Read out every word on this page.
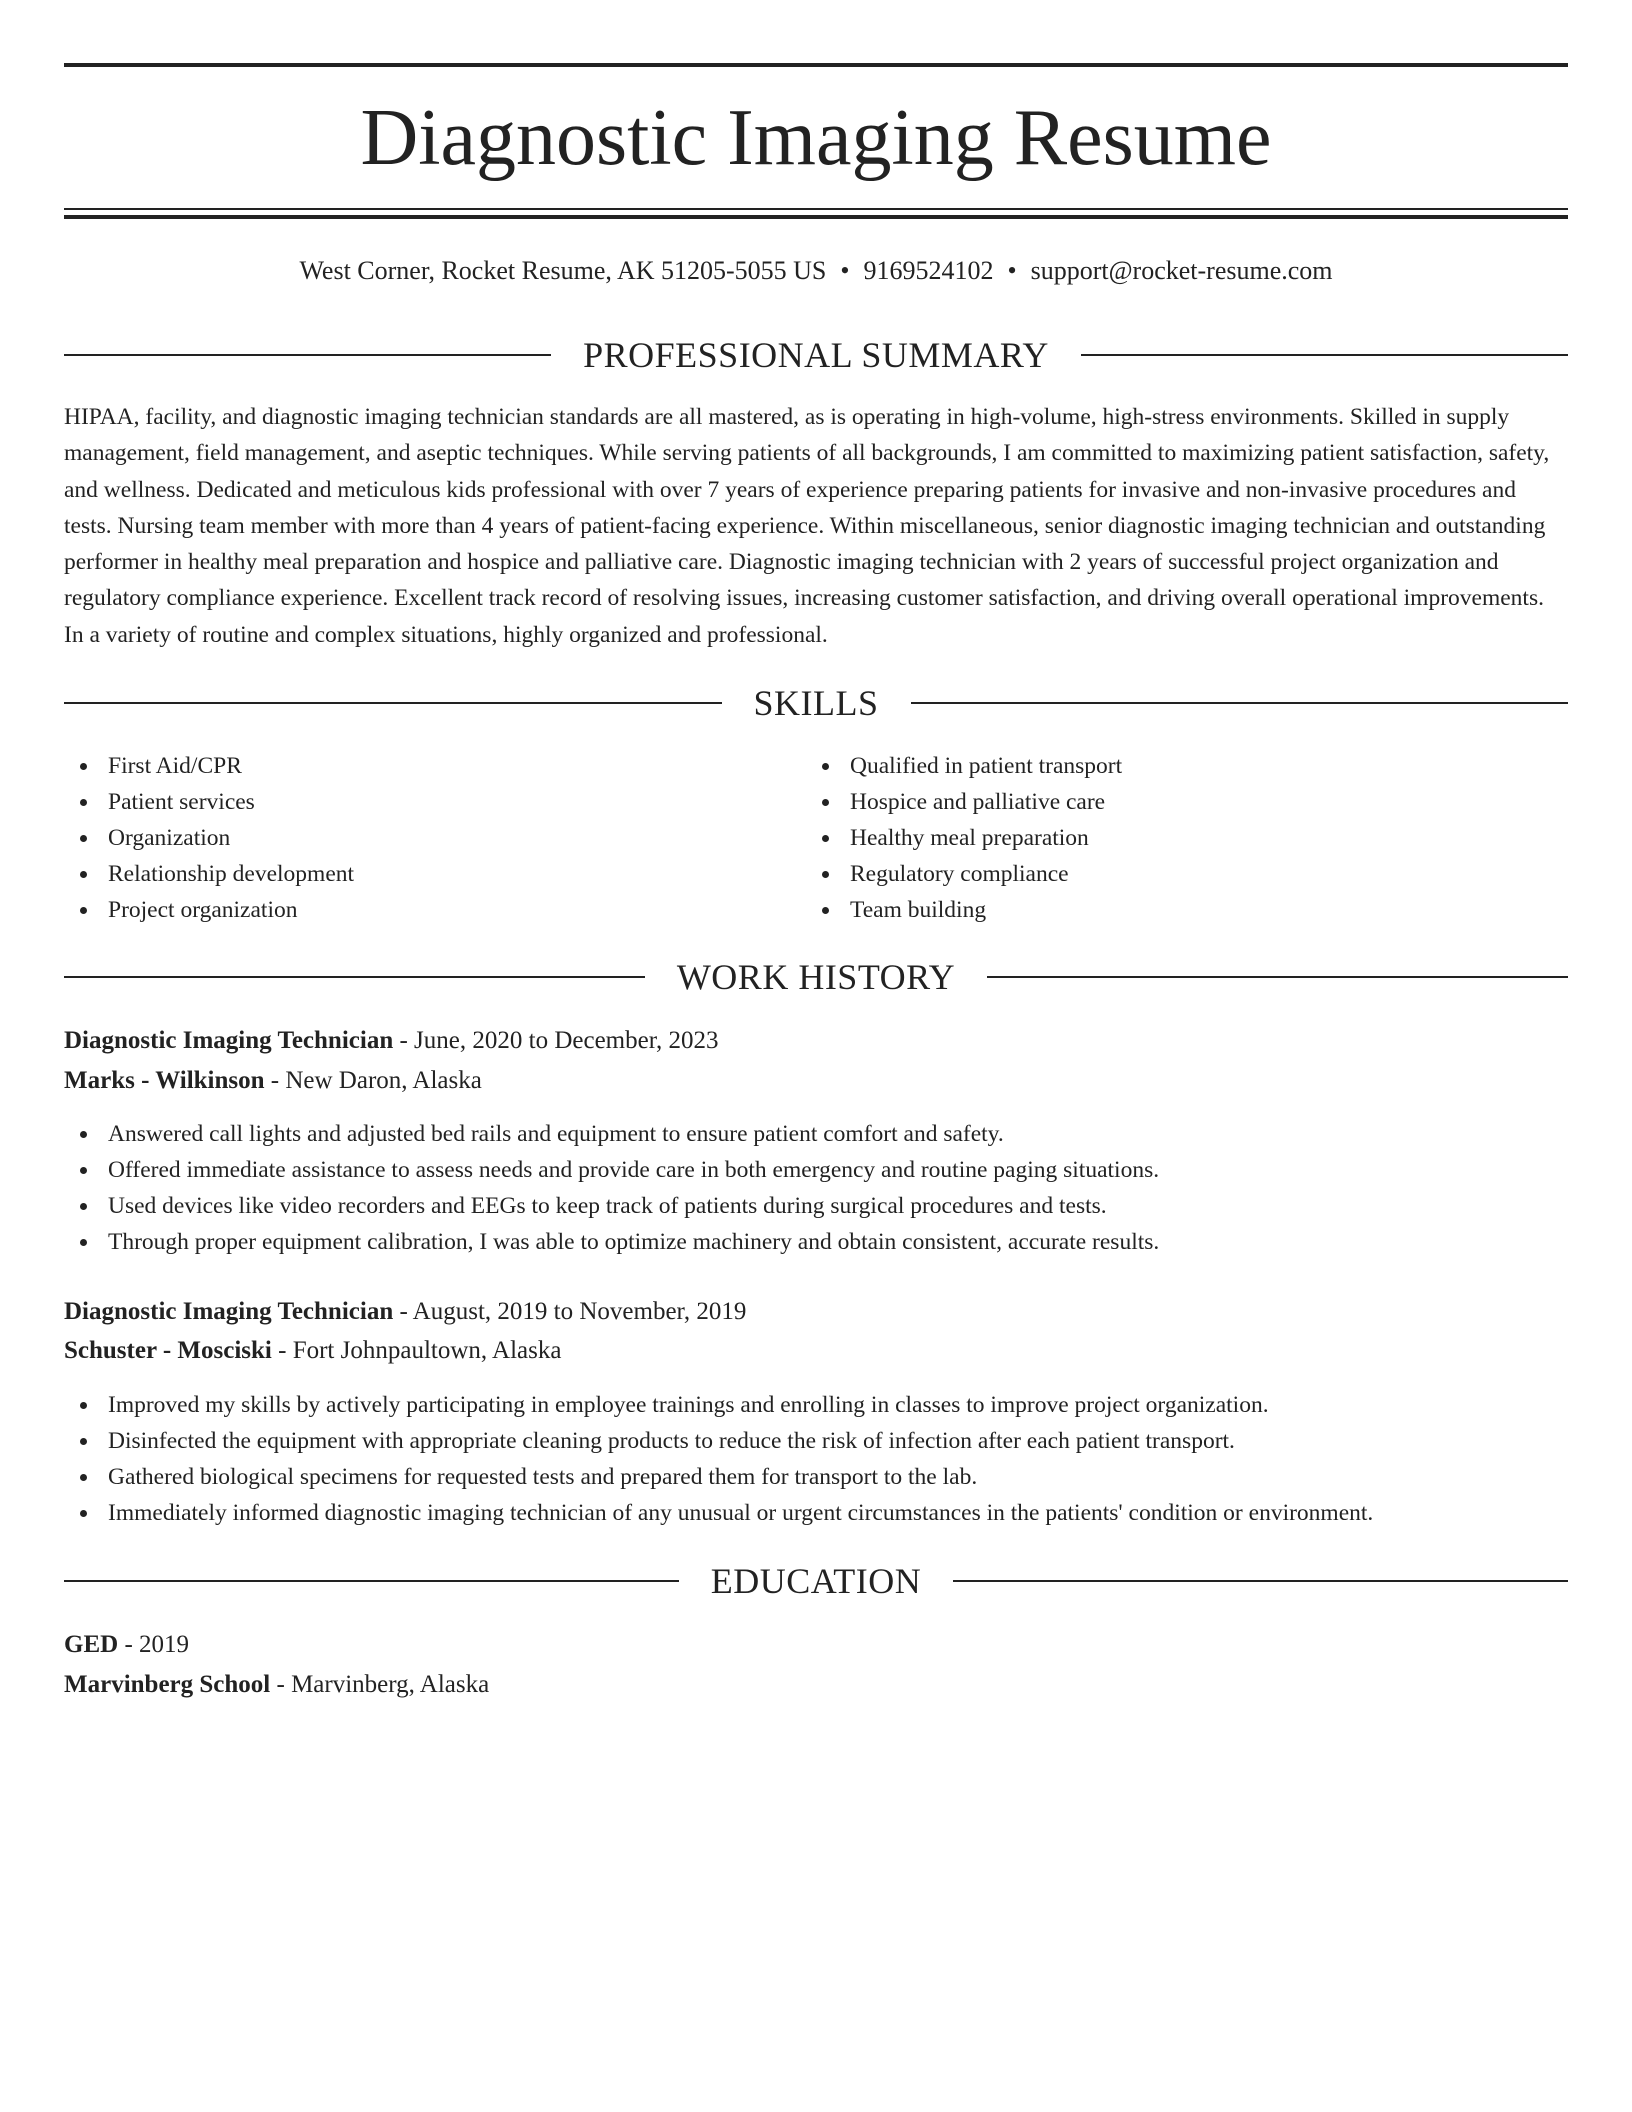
Diagnostic Imaging Resume
West Corner, Rocket Resume, AK 51205-5055 US • 9169524102 • support@rocket-resume.com
PROFESSIONAL SUMMARY

HIPAA, facility, and diagnostic imaging technician standards are all mastered, as is operating in high-volume, high-stress environments. Skilled in supply management, field management, and aseptic techniques. While serving patients of all backgrounds, I am committed to maximizing patient satisfaction, safety, and wellness. Dedicated and meticulous kids professional with over 7 years of experience preparing patients for invasive and non-invasive procedures and tests. Nursing team member with more than 4 years of patient-facing experience. Within miscellaneous, senior diagnostic imaging technician and outstanding performer in healthy meal preparation and hospice and palliative care. Diagnostic imaging technician with 2 years of successful project organization and regulatory compliance experience. Excellent track record of resolving issues, increasing customer satisfaction, and driving overall operational improvements. In a variety of routine and complex situations, highly organized and professional.

SKILLS
First Aid/CPR
Patient services
Organization
Relationship development
Project organization
Qualified in patient transport
Hospice and palliative care
Healthy meal preparation
Regulatory compliance
Team building
WORK HISTORY
Diagnostic Imaging Technician - June, 2020 to December, 2023
Marks - Wilkinson - New Daron, Alaska
Answered call lights and adjusted bed rails and equipment to ensure patient comfort and safety.
Offered immediate assistance to assess needs and provide care in both emergency and routine paging situations.
Used devices like video recorders and EEGs to keep track of patients during surgical procedures and tests.
Through proper equipment calibration, I was able to optimize machinery and obtain consistent, accurate results.
Diagnostic Imaging Technician - August, 2019 to November, 2019
Schuster - Mosciski - Fort Johnpaultown, Alaska
Improved my skills by actively participating in employee trainings and enrolling in classes to improve project organization.
Disinfected the equipment with appropriate cleaning products to reduce the risk of infection after each patient transport.
Gathered biological specimens for requested tests and prepared them for transport to the lab.
Immediately informed diagnostic imaging technician of any unusual or urgent circumstances in the patients' condition or environment.
EDUCATION
GED - 2019
Marvinberg School - Marvinberg, Alaska
